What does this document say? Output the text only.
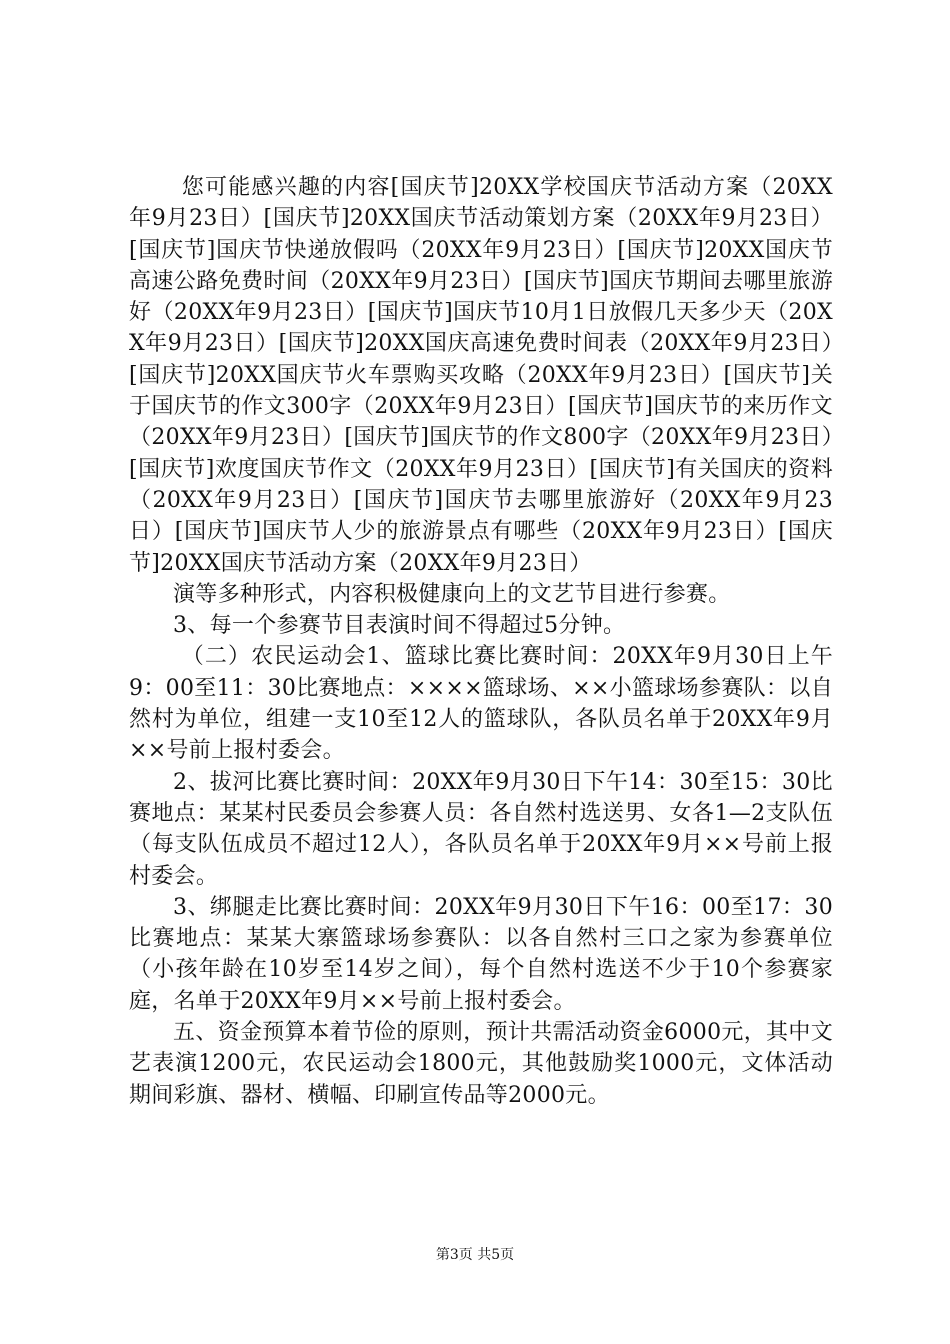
您可能感兴趣的内容[国庆节]20XX学校国庆节活动方案（20XX年9月23日）[国庆节]20XX国庆节活动策划方案（20XX年9月23日）[国庆节]国庆节快递放假吗（20XX年9月23日）[国庆节]20XX国庆节高速公路免费时间（20XX年9月23日）[国庆节]国庆节期间去哪里旅游好（20XX年9月23日）[国庆节]国庆节10月1日放假几天多少天（20XX年9月23日）[国庆节]20XX国庆高速免费时间表（20XX年9月23日）[国庆节]20XX国庆节火车票购买攻略（20XX年9月23日）[国庆节]关于国庆节的作文300字（20XX年9月23日）[国庆节]国庆节的来历作文（20XX年9月23日）[国庆节]国庆节的作文800字（20XX年9月23日）[国庆节]欢度国庆节作文（20XX年9月23日）[国庆节]有关国庆的资料（20XX年9月23日）[国庆节]国庆节去哪里旅游好（20XX年9月23日）[国庆节]国庆节人少的旅游景点有哪些（20XX年9月23日）[国庆节]20XX国庆节活动方案（20XX年9月23日）

演等多种形式，内容积极健康向上的文艺节目进行参赛。

3、每一个参赛节目表演时间不得超过5分钟。

（二）农民运动会1、篮球比赛比赛时间：20XX年9月30日上午9：00至11：30比赛地点：××××篮球场、××小篮球场参赛队：以自然村为单位，组建一支10至12人的篮球队，各队员名单于20XX年9月××号前上报村委会。

2、拔河比赛比赛时间：20XX年9月30日下午14：30至15：30比赛地点：某某村民委员会参赛人员：各自然村选送男、女各1—2支队伍（每支队伍成员不超过12人），各队员名单于20XX年9月××号前上报村委会。

3、绑腿走比赛比赛时间：20XX年9月30日下午16：00至17：30比赛地点：某某大寨篮球场参赛队：以各自然村三口之家为参赛单位（小孩年龄在10岁至14岁之间），每个自然村选送不少于10个参赛家庭，名单于20XX年9月××号前上报村委会。

五、资金预算本着节俭的原则，预计共需活动资金6000元，其中文艺表演1200元，农民运动会1800元，其他鼓励奖1000元，文体活动期间彩旗、器材、横幅、印刷宣传品等2000元。

第3页 共5页
